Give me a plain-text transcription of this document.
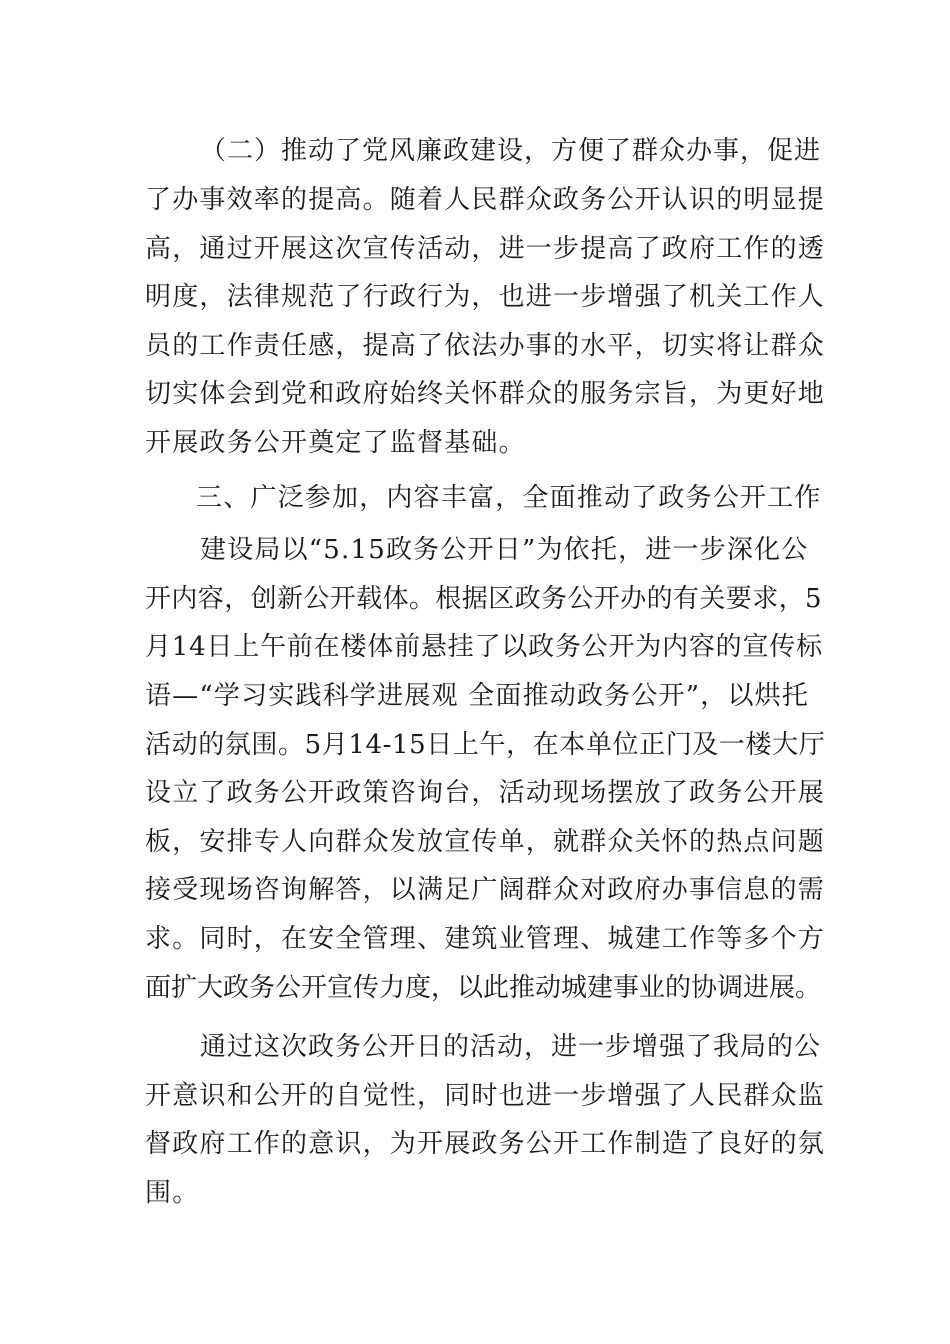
（二）推动了党风廉政建设，方便了群众办事，促进
了办事效率的提高。随着人民群众政务公开认识的明显提
高，通过开展这次宣传活动，进一步提高了政府工作的透
明度，法律规范了行政行为，也进一步增强了机关工作人
员的工作责任感，提高了依法办事的水平，切实将让群众
切实体会到党和政府始终关怀群众的服务宗旨，为更好地
开展政务公开奠定了监督基础。
三、广泛参加，内容丰富，全面推动了政务公开工作
建设局以“5.15政务公开日”为依托，进一步深化公
开内容，创新公开载体。根据区政务公开办的有关要求，5
月14日上午前在楼体前悬挂了以政务公开为内容的宣传标
语—“学习实践科学进展观 全面推动政务公开”，以烘托
活动的氛围。5月14-15日上午，在本单位正门及一楼大厅
设立了政务公开政策咨询台，活动现场摆放了政务公开展
板，安排专人向群众发放宣传单，就群众关怀的热点问题
接受现场咨询解答，以满足广阔群众对政府办事信息的需
求。同时，在安全管理、建筑业管理、城建工作等多个方
面扩大政务公开宣传力度，以此推动城建事业的协调进展。
通过这次政务公开日的活动，进一步增强了我局的公
开意识和公开的自觉性，同时也进一步增强了人民群众监
督政府工作的意识，为开展政务公开工作制造了良好的氛
围。
